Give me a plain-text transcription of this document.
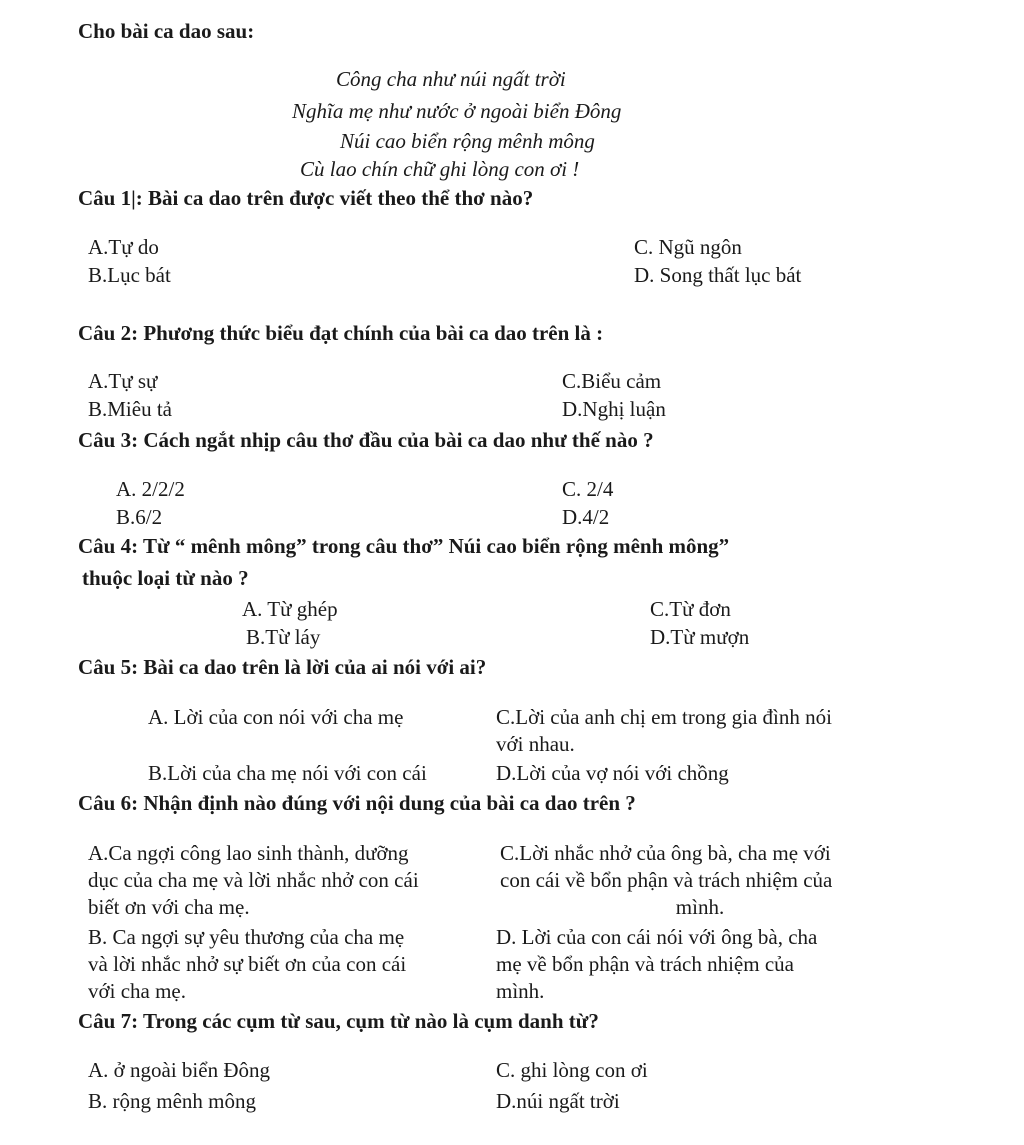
Cho bài ca dao sau:
Công cha như núi ngất trời
Nghĩa mẹ như nước ở ngoài biển Đông
Núi cao biển rộng mênh mông
Cù lao chín chữ ghi lòng con ơi !
Câu 1|: Bài ca dao trên được viết theo thể thơ nào?
A.Tự do
B.Lục bát
C. Ngũ ngôn
D. Song thất lục bát
Câu 2: Phương thức biểu đạt chính của bài ca dao trên là :
A.Tự sự
B.Miêu tả
C.Biểu cảm
D.Nghị luận
Câu 3: Cách ngắt nhịp câu thơ đầu của bài ca dao như thế nào ?
A. 2/2/2
B.6/2
C. 2/4
D.4/2
Câu 4: Từ “ mênh mông” trong câu thơ” Núi cao biển rộng mênh mông”
thuộc loại từ nào ?
A. Từ ghép
B.Từ láy
C.Từ đơn
D.Từ mượn
Câu 5: Bài ca dao trên là lời của ai nói với ai?
A. Lời của con nói với cha mẹ
B.Lời của cha mẹ nói với con cái
C.Lời của anh chị em trong gia đình nói
với nhau.
D.Lời của vợ nói với chồng
Câu 6: Nhận định nào đúng với nội dung của bài ca dao trên ?
A.Ca ngợi công lao sinh thành, dưỡng
dục của cha mẹ và lời nhắc nhở con cái
biết ơn với cha mẹ.
B. Ca ngợi sự yêu thương của cha mẹ
và lời nhắc nhở sự biết ơn của con cái
với cha mẹ.
C.Lời nhắc nhở của ông bà, cha mẹ với
con cái về bổn phận và trách nhiệm của
mình.
D. Lời của con cái nói với ông bà, cha
mẹ về bổn phận và trách nhiệm của
mình.
Câu 7: Trong các cụm từ sau, cụm từ nào là cụm danh từ?
A. ở ngoài biển Đông
B. rộng mênh mông
C. ghi lòng con ơi
D.núi ngất trời
